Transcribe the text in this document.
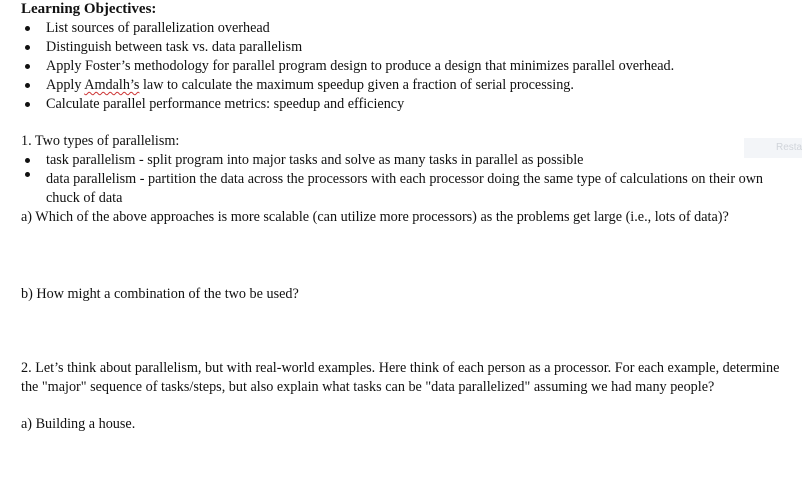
Learning Objectives:
List sources of parallelization overhead
Distinguish between task vs. data parallelism
Apply Foster’s methodology for parallel program design to produce a design that minimizes parallel overhead.
Apply Amdalh’s law to calculate the maximum speedup given a fraction of serial processing.
Calculate parallel performance metrics: speedup and efficiency
1. Two types of parallelism:
task parallelism - split program into major tasks and solve as many tasks in parallel as possible
data parallelism - partition the data across the processors with each processor doing the same type of calculations on their own chuck of data
a) Which of the above approaches is more scalable (can utilize more processors) as the problems get large (i.e., lots of data)?
b) How might a combination of the two be used?
2. Let’s think about parallelism, but with real-world examples. Here think of each person as a processor. For each example, determine the "major" sequence of tasks/steps, but also explain what tasks can be "data parallelized" assuming we had many people?
a) Building a house.
Resta
